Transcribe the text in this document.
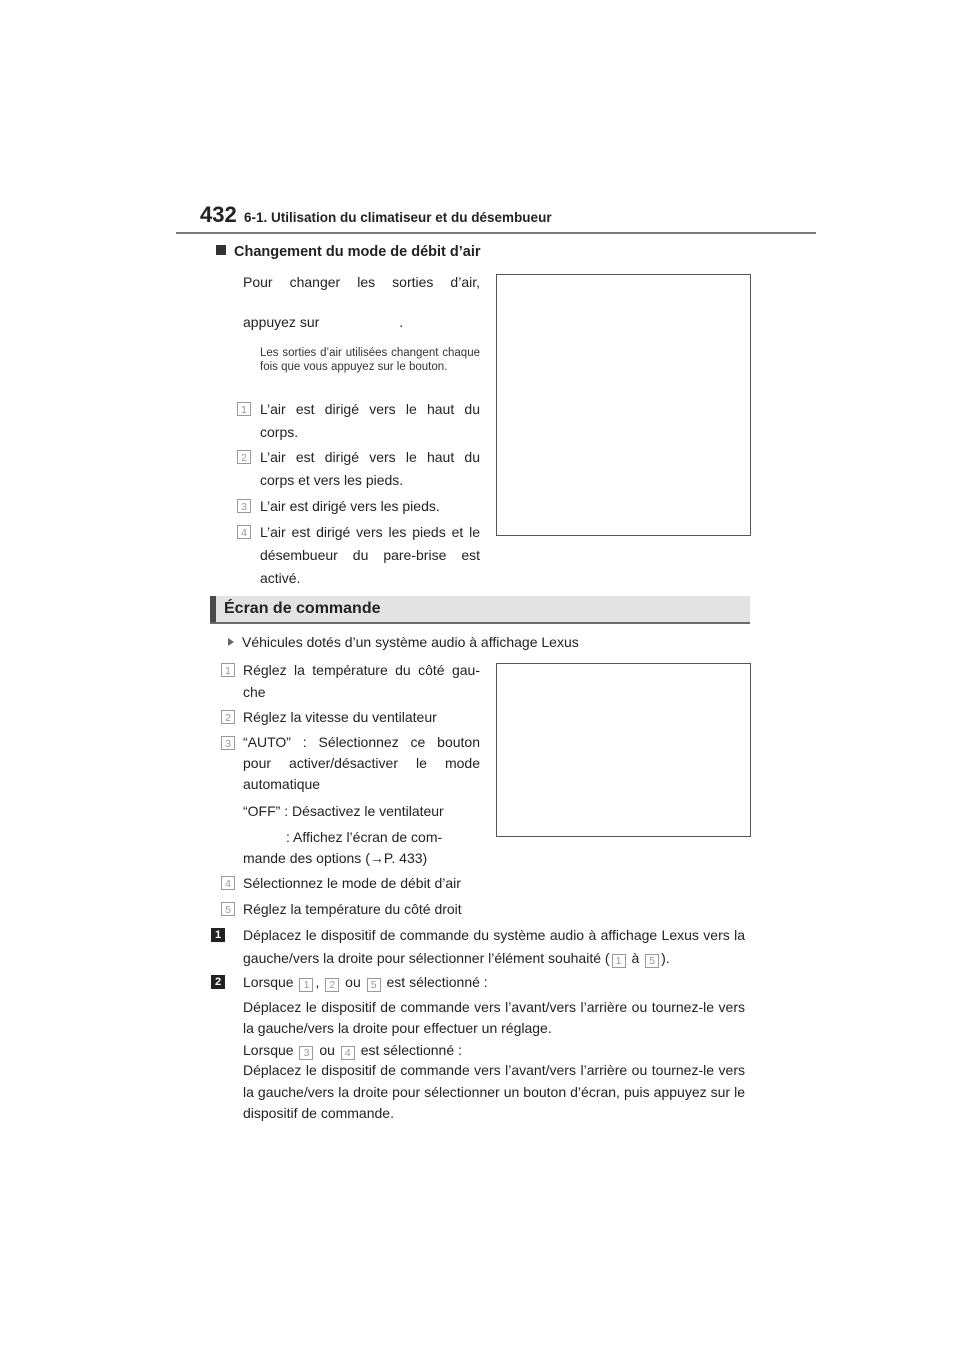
432 6-1. Utilisation du climatiseur et du désembueur
Changement du mode de débit d’air
Pour changer les sorties d’air,
appuyez sur	.
Les sorties d’air utilisées changent chaque fois que vous appuyez sur le bouton.
1 L’air est dirigé vers le haut du corps.
2 L’air est dirigé vers le haut du corps et vers les pieds.
3 L’air est dirigé vers les pieds.
4 L’air est dirigé vers les pieds et le désembueur du pare-brise est activé.
Écran de commande
Véhicules dotés d’un système audio à affichage Lexus
1 Réglez la température du côté gau-che
2 Réglez la vitesse du ventilateur
3 “AUTO” : Sélectionnez ce bouton pour activer/désactiver le mode automatique
“OFF” : Désactivez le ventilateur
: Affichez l’écran de com-
mande des options (→P. 433)
4 Sélectionnez le mode de débit d’air
5 Réglez la température du côté droit
1 Déplacez le dispositif de commande du système audio à affichage Lexus vers la gauche/vers la droite pour sélectionner l’élément souhaité ( 1 à 5 ).
2 Lorsque 1 , 2 ou 5 est sélectionné :
Déplacez le dispositif de commande vers l’avant/vers l’arrière ou tournez-le vers la gauche/vers la droite pour effectuer un réglage.
Lorsque 3 ou 4 est sélectionné :
Déplacez le dispositif de commande vers l’avant/vers l’arrière ou tournez-le vers la gauche/vers la droite pour sélectionner un bouton d’écran, puis appuyez sur le dispositif de commande.
